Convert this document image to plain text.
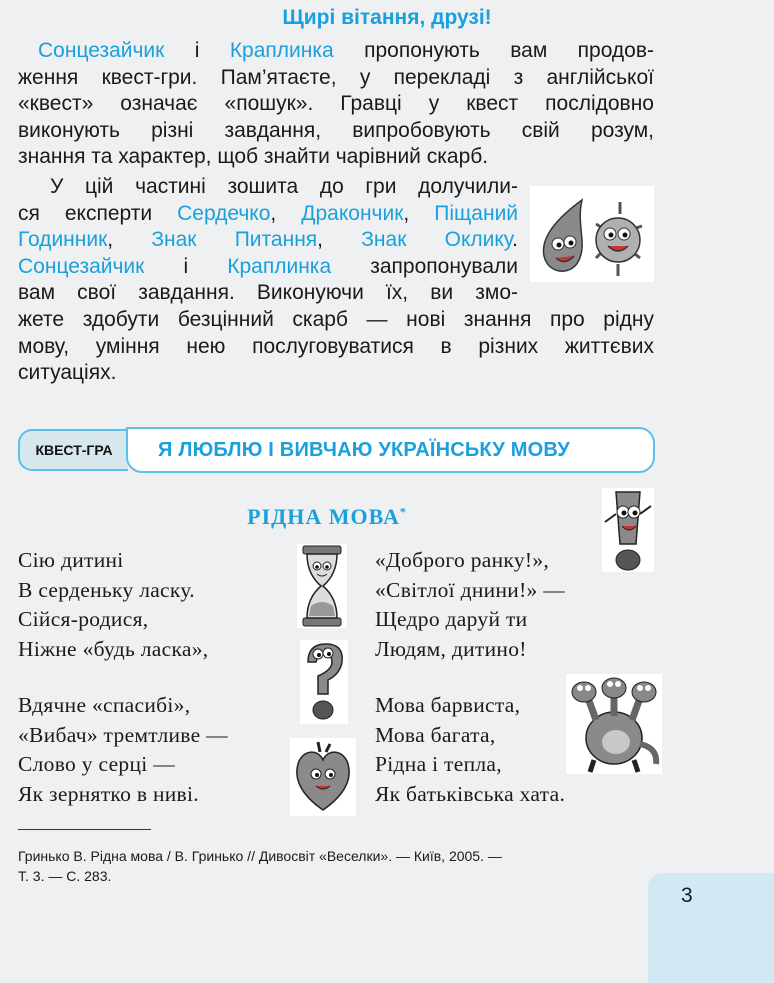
Щирі вітання, друзі!
Сонцезайчик і Краплинка пропонують вам продов-
ження квест-гри. Пам’ятаєте, у перекладі з англійської
«квест» означає «пошук». Гравці у квест послідовно
виконують різні завдання, випробовують свій розум,
знання та характер, щоб знайти чарівний скарб.
У цій частині зошита до гри долучили-
ся експерти Сердечко, Дракончик, Піщаний
Годинник, Знак Питання, Знак Оклику.
Сонцезайчик і Краплинка запропонували
вам свої завдання. Виконуючи їх, ви змо-
жете здобути безцінний скарб — нові знання про рідну
мову, уміння нею послуговуватися в різних життєвих
ситуаціях.
КВЕСТ-ГРА	Я ЛЮБЛЮ І ВИВЧАЮ УКРАЇНСЬКУ МОВУ
РІДНА МОВА*
Сію дитині
В серденьку ласку.
Сійся-родися,
Ніжне «будь ласка»,
Вдячне «спасибі»,
«Вибач» тремтливе —
Слово у серці —
Як зернятко в ниві.
«Доброго ранку!»,
«Світлої днини!» —
Щедро даруй ти
Людям, дитино!
Мова барвиста,
Мова багата,
Рідна і тепла,
Як батьківська хата.
Гринько В. Рідна мова / В. Гринько // Дивосвіт «Веселки». — Київ, 2005. —
Т. 3. — С. 283.
3
